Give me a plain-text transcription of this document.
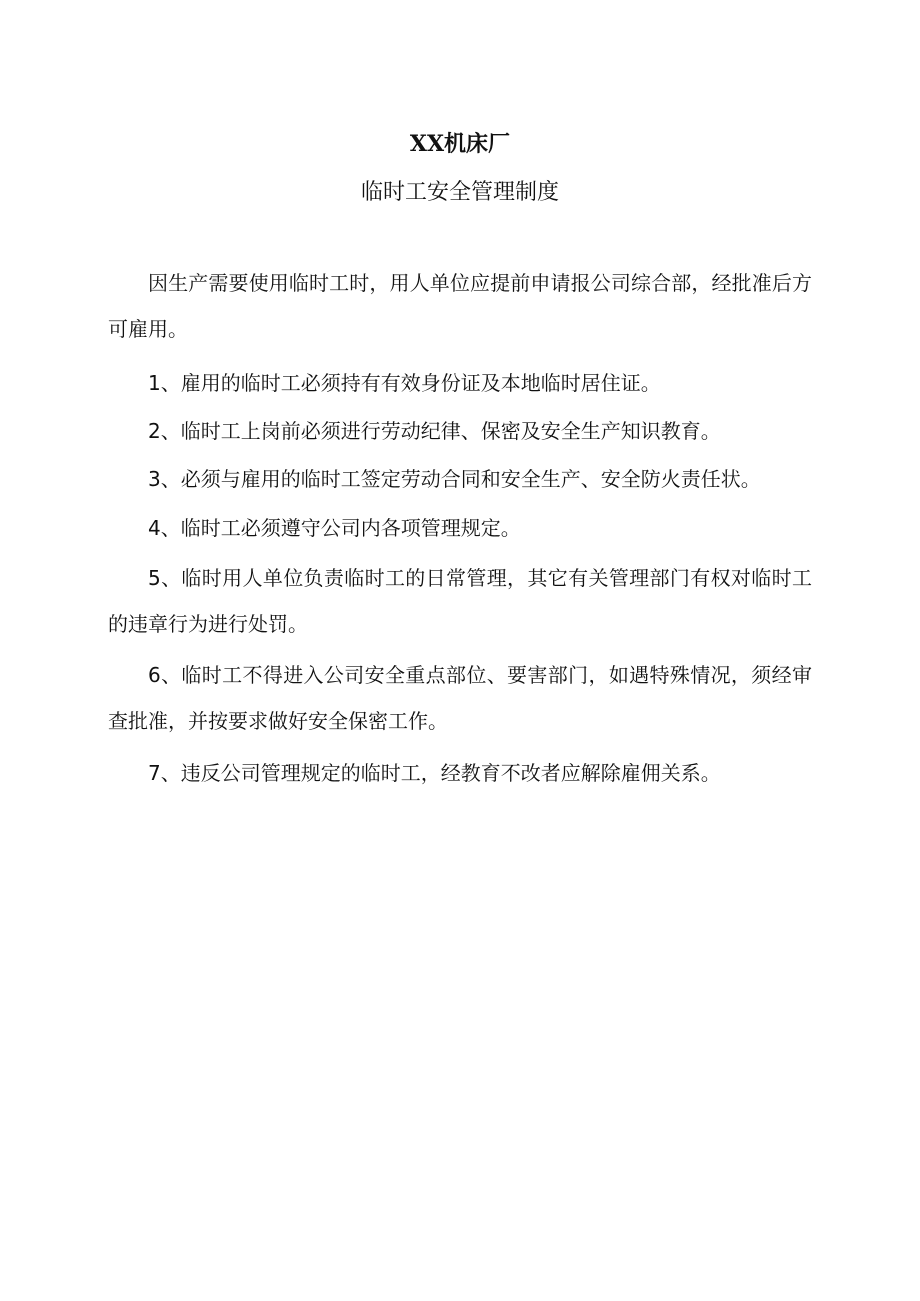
XX机床厂
临时工安全管理制度

因生产需要使用临时工时，用人单位应提前申请报公司综合部，经批准后方可雇用。

1、雇用的临时工必须持有有效身份证及本地临时居住证。

2、临时工上岗前必须进行劳动纪律、保密及安全生产知识教育。

3、必须与雇用的临时工签定劳动合同和安全生产、安全防火责任状。

4、临时工必须遵守公司内各项管理规定。

5、临时用人单位负责临时工的日常管理，其它有关管理部门有权对临时工的违章行为进行处罚。

6、临时工不得进入公司安全重点部位、要害部门，如遇特殊情况，须经审查批准，并按要求做好安全保密工作。

7、违反公司管理规定的临时工，经教育不改者应解除雇佣关系。
